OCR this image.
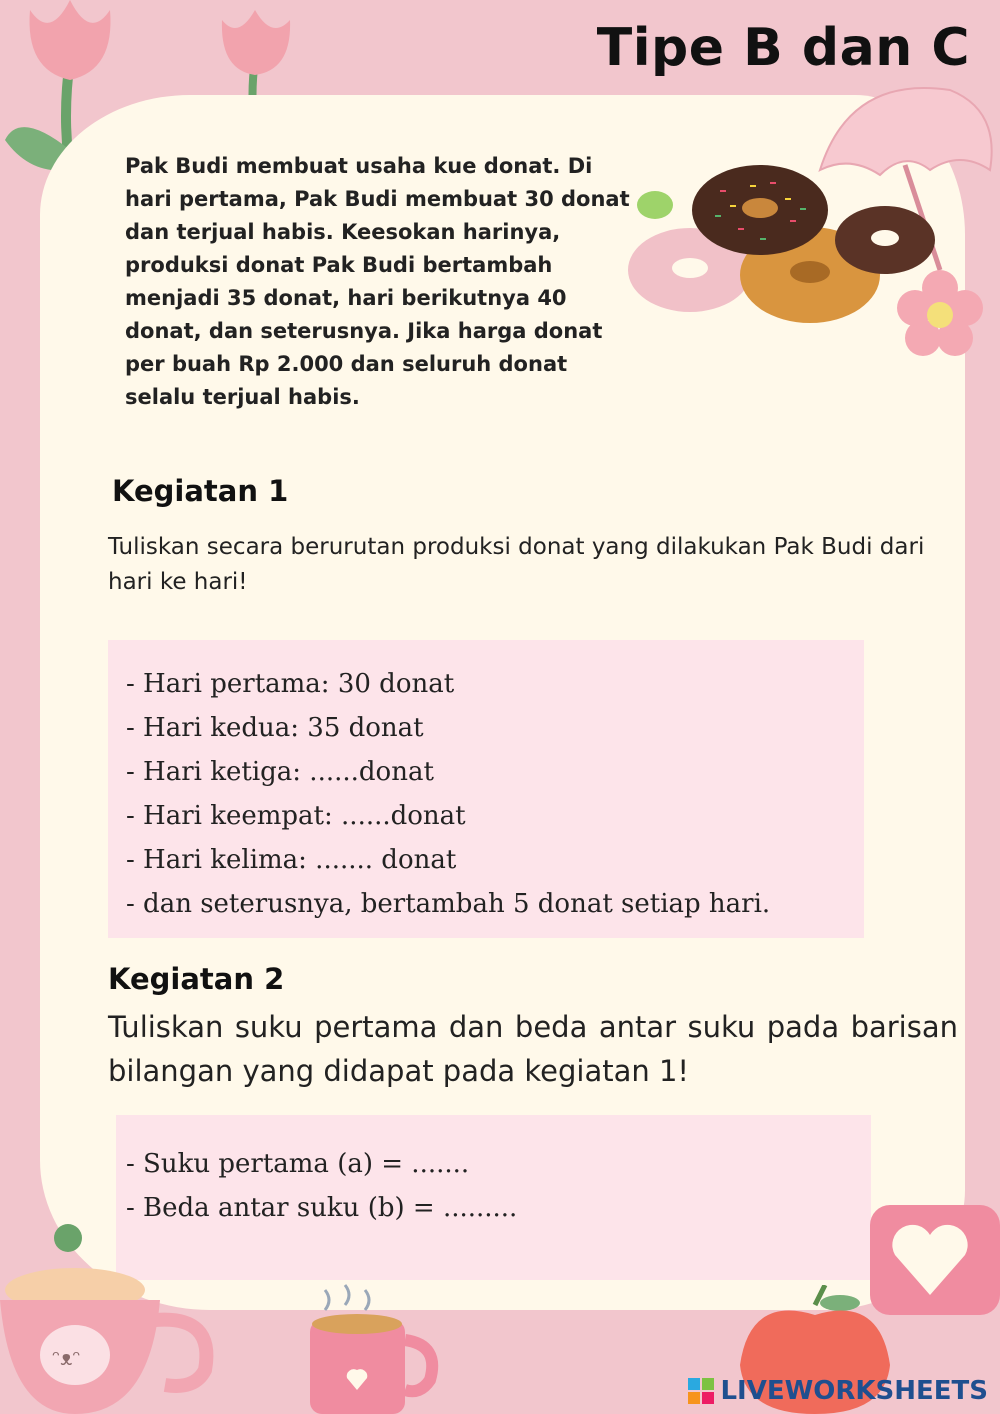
Tipe B dan C
Pak Budi membuat usaha kue donat. Di hari pertama, Pak Budi membuat 30 donat dan terjual habis. Keesokan harinya, produksi donat Pak Budi bertambah menjadi 35 donat, hari berikutnya 40 donat, dan seterusnya. Jika harga donat per buah Rp 2.000 dan seluruh donat selalu terjual habis.
Kegiatan 1
Tuliskan secara berurutan produksi donat yang dilakukan Pak Budi dari hari ke hari!
- Hari pertama: 30 donat
- Hari kedua: 35 donat
- Hari ketiga: ......donat
- Hari keempat: ......donat
- Hari kelima: ....... donat
- dan seterusnya, bertambah 5 donat setiap hari.
Kegiatan 2
Tuliskan suku pertama dan beda antar suku pada barisan bilangan yang didapat pada kegiatan 1!
- Suku pertama (a) = .......
- Beda antar suku (b) = .........
ᵔᴥᵔ
LIVEWORKSHEETS
